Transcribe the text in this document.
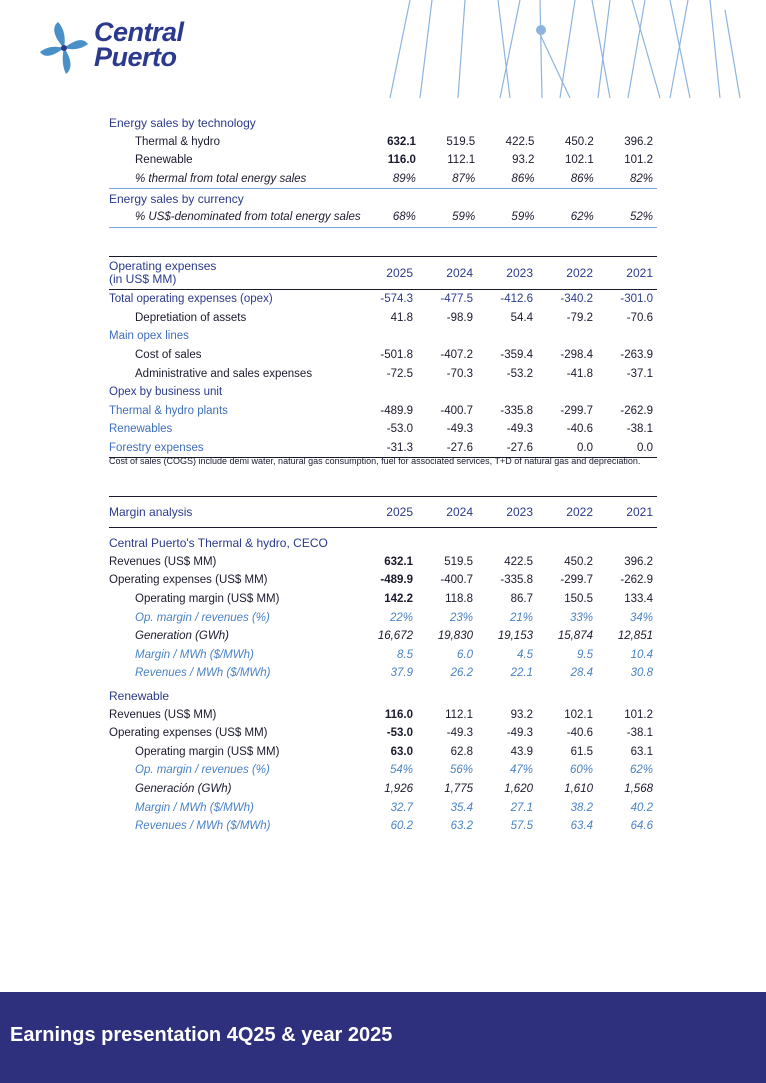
Central
Puerto
Energy sales by technology					
Thermal & hydro	632.1	519.5	422.5	450.2	396.2
Renewable	116.0	112.1	93.2	102.1	101.2
% thermal from total energy sales	89%	87%	86%	86%	82%
Energy sales by currency					
% US$-denominated from total energy sales	68%	59%	59%	62%	52%
Operating expenses
(in US$ MM)	2025	2024	2023	2022	2021
Total operating expenses (opex)	-574.3	-477.5	-412.6	-340.2	-301.0
Depretiation of assets	41.8	-98.9	54.4	-79.2	-70.6
Main opex lines					
Cost of sales	-501.8	-407.2	-359.4	-298.4	-263.9
Administrative and sales expenses	-72.5	-70.3	-53.2	-41.8	-37.1
Opex by business unit					
Thermal & hydro plants	-489.9	-400.7	-335.8	-299.7	-262.9
Renewables	-53.0	-49.3	-49.3	-40.6	-38.1
Forestry expenses	-31.3	-27.6	-27.6	0.0	0.0
Cost of sales (COGS) include demi water, natural gas consumption, fuel for associated services, T+D of natural gas and depreciation.
Margin analysis	2025	2024	2023	2022	2021

Central Puerto's Thermal & hydro, CECO					
Revenues (US$ MM)	632.1	519.5	422.5	450.2	396.2
Operating expenses (US$ MM)	-489.9	-400.7	-335.8	-299.7	-262.9
Operating margin (US$ MM)	142.2	118.8	86.7	150.5	133.4
Op. margin / revenues (%)	22%	23%	21%	33%	34%
Generation (GWh)	16,672	19,830	19,153	15,874	12,851
Margin / MWh ($/MWh)	8.5	6.0	4.5	9.5	10.4
Revenues / MWh ($/MWh)	37.9	26.2	22.1	28.4	30.8

Renewable					
Revenues (US$ MM)	116.0	112.1	93.2	102.1	101.2
Operating expenses (US$ MM)	-53.0	-49.3	-49.3	-40.6	-38.1
Operating margin (US$ MM)	63.0	62.8	43.9	61.5	63.1
Op. margin / revenues (%)	54%	56%	47%	60%	62%
Generación (GWh)	1,926	1,775	1,620	1,610	1,568
Margin / MWh ($/MWh)	32.7	35.4	27.1	38.2	40.2
Revenues / MWh ($/MWh)	60.2	63.2	57.5	63.4	64.6
Earnings presentation 4Q25 & year 2025
